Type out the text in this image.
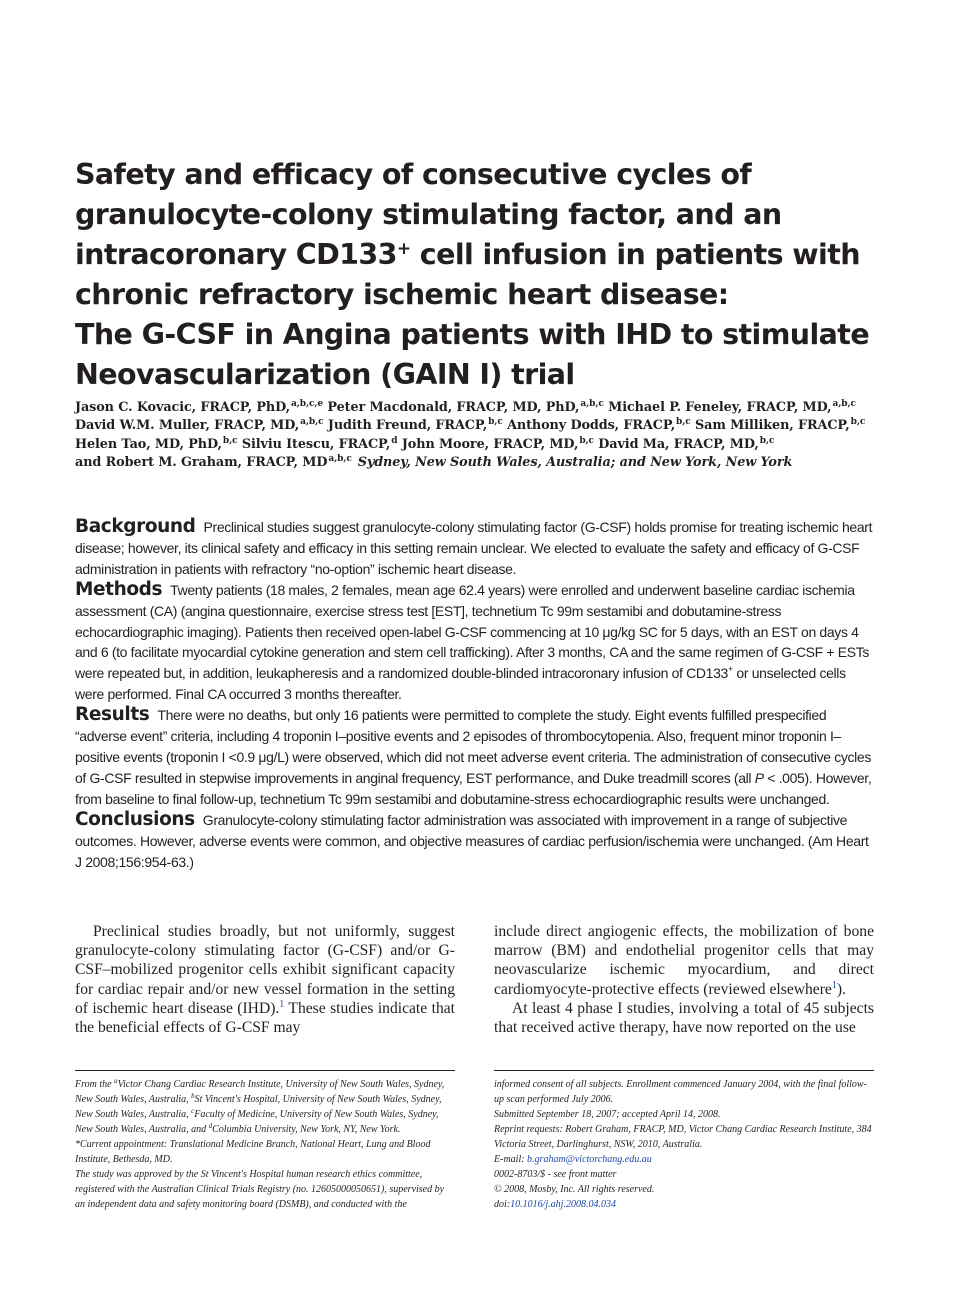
Safety and efficacy of consecutive cycles of
granulocyte-colony stimulating factor, and an
intracoronary CD133+ cell infusion in patients with
chronic refractory ischemic heart disease:
The G-CSF in Angina patients with IHD to stimulate
Neovascularization (GAIN I) trial
Jason C. Kovacic, FRACP, PhD,$^{a,b,c,e}$ Peter Macdonald, FRACP, MD, PhD,$^{a,b,c}$ Michael P. Feneley, FRACP, MD,$^{a,b,c}$
David W.M. Muller, FRACP, MD,$^{a,b,c}$ Judith Freund, FRACP,$^{b,c}$ Anthony Dodds, FRACP,$^{b,c}$ Sam Milliken, FRACP,$^{b,c}$
Helen Tao, MD, PhD,$^{b,c}$ Silviu Itescu, FRACP,$^d$ John Moore, FRACP, MD,$^{b,c}$ David Ma, FRACP, MD,$^{b,c}$
and Robert M. Graham, FRACP, MD$^{a,b,c}$ Sydney, New South Wales, Australia; and New York, New York

Background Preclinical studies suggest granulocyte-colony stimulating factor (G-CSF) holds promise for treating ischemic heart disease; however, its clinical safety and efficacy in this setting remain unclear. We elected to evaluate the safety and efficacy of G-CSF administration in patients with refractory “no-option” ischemic heart disease.

Methods Twenty patients (18 males, 2 females, mean age 62.4 years) were enrolled and underwent baseline cardiac ischemia assessment (CA) (angina questionnaire, exercise stress test [EST], technetium Tc 99m sestamibi and dobutamine-stress echocardiographic imaging). Patients then received open-label G-CSF commencing at 10 μg/kg SC for 5 days, with an EST on days 4 and 6 (to facilitate myocardial cytokine generation and stem cell trafficking). After 3 months, CA and the same regimen of G-CSF + ESTs were repeated but, in addition, leukapheresis and a randomized double-blinded intracoronary infusion of CD133+ or unselected cells were performed. Final CA occurred 3 months thereafter.

Results There were no deaths, but only 16 patients were permitted to complete the study. Eight events fulfilled prespecified “adverse event” criteria, including 4 troponin I–positive events and 2 episodes of thrombocytopenia. Also, frequent minor troponin I–positive events (troponin I <0.9 μg/L) were observed, which did not meet adverse event criteria. The administration of consecutive cycles of G-CSF resulted in stepwise improvements in anginal frequency, EST performance, and Duke treadmill scores (all P < .005). However, from baseline to final follow-up, technetium Tc 99m sestamibi and dobutamine-stress echocardiographic results were unchanged.

Conclusions Granulocyte-colony stimulating factor administration was associated with improvement in a range of subjective outcomes. However, adverse events were common, and objective measures of cardiac perfusion/ischemia were unchanged. (Am Heart J 2008;156:954-63.)

Preclinical studies broadly, but not uniformly, suggest granulocyte-colony stimulating factor (G-CSF) and/or G-CSF–mobilized progenitor cells exhibit significant capacity for cardiac repair and/or new vessel formation in the setting of ischemic heart disease (IHD).$^1$ These studies indicate that the beneficial effects of G-CSF may

include direct angiogenic effects, the mobilization of bone marrow (BM) and endothelial progenitor cells that may neovascularize ischemic myocardium, and direct cardiomyocyte-protective effects (reviewed elsewhere$^1$).

At least 4 phase I studies, involving a total of 45 subjects that received active therapy, have now reported on the use

From the $^a$Victor Chang Cardiac Research Institute, University of New South Wales, Sydney, New South Wales, Australia, $^b$St Vincent's Hospital, University of New South Wales, Sydney, New South Wales, Australia, $^c$Faculty of Medicine, University of New South Wales, Sydney, New South Wales, Australia, and $^d$Columbia University, New York, NY, New York.

*Current appointment: Translational Medicine Branch, National Heart, Lung and Blood Institute, Bethesda, MD.

The study was approved by the St Vincent's Hospital human research ethics committee, registered with the Australian Clinical Trials Registry (no. 12605000050651), supervised by an independent data and safety monitoring board (DSMB), and conducted with the

informed consent of all subjects. Enrollment commenced January 2004, with the final follow-up scan performed July 2006.

Submitted September 18, 2007; accepted April 14, 2008.

Reprint requests: Robert Graham, FRACP, MD, Victor Chang Cardiac Research Institute, 384 Victoria Street, Darlinghurst, NSW, 2010, Australia.

E-mail: b.graham@victorchang.edu.au

0002-8703/$ - see front matter

© 2008, Mosby, Inc. All rights reserved.

doi:10.1016/j.ahj.2008.04.034
